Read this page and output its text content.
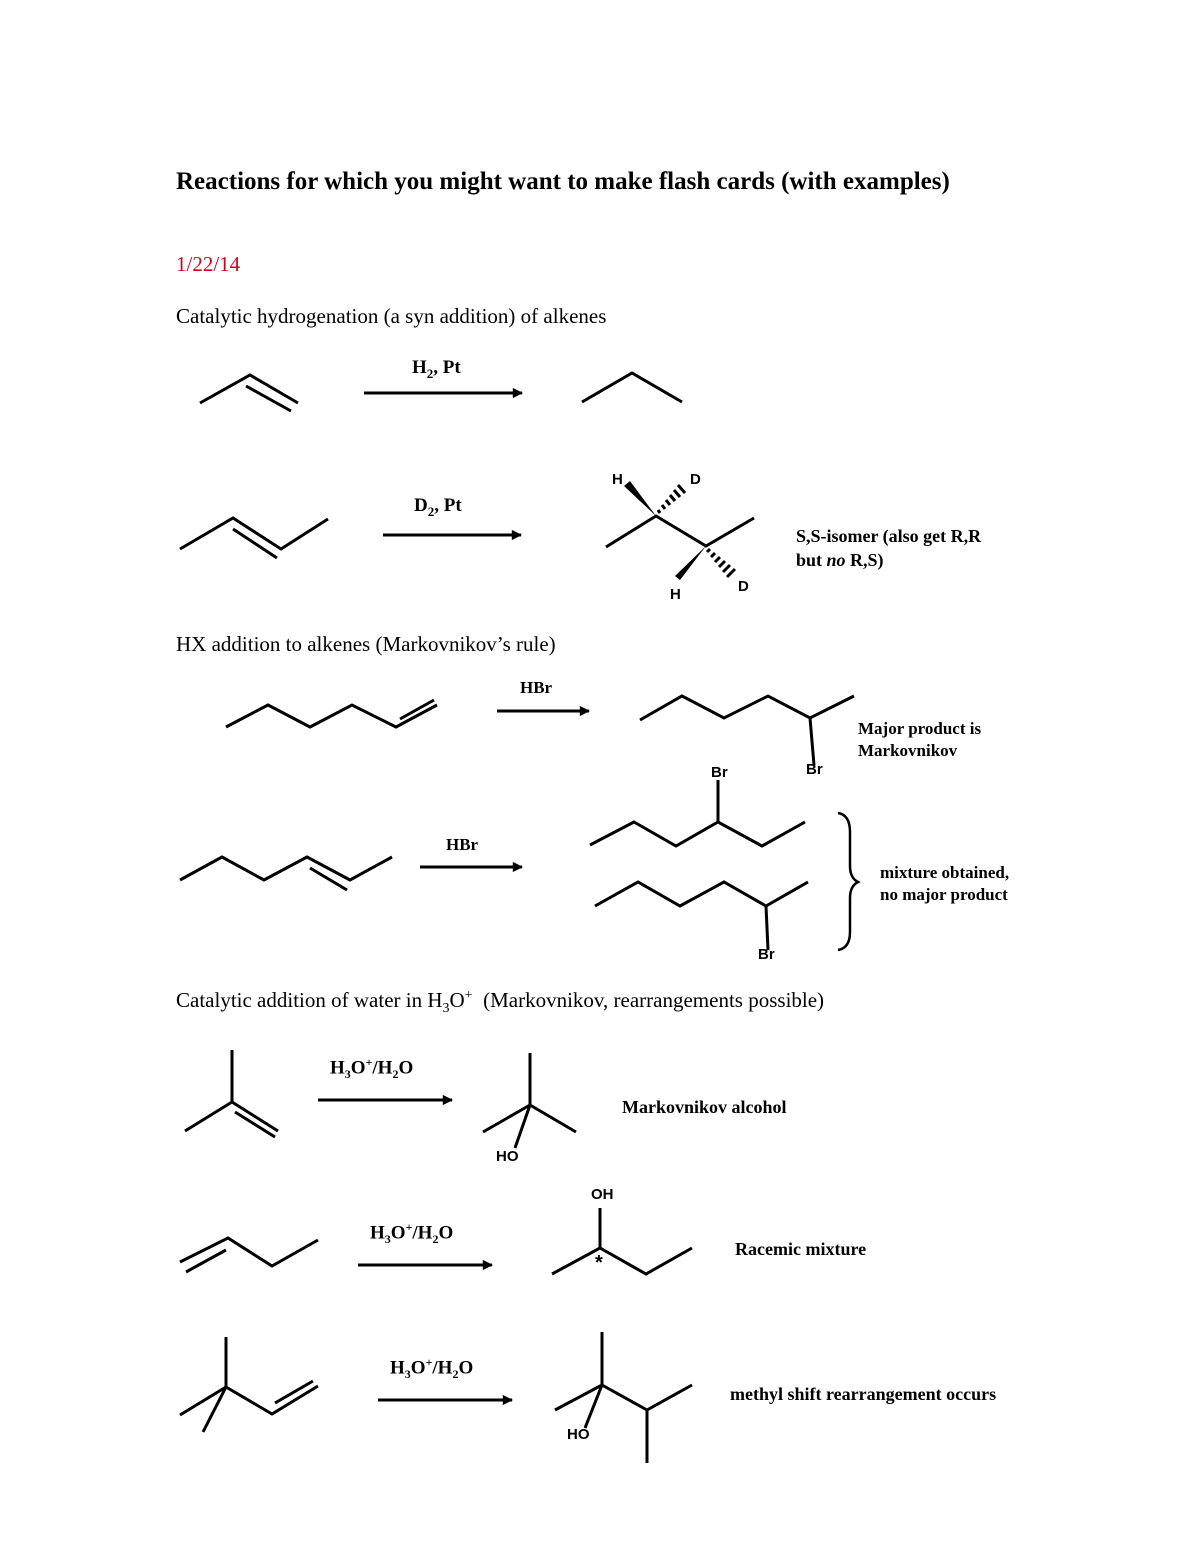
Reactions for which you might want to make flash cards (with examples)
1/22/14
Catalytic hydrogenation (a syn addition) of alkenes
HX addition to alkenes (Markovnikov’s rule)
Catalytic addition of water in $H_3O^+$  (Markovnikov, rearrangements possible)
$H_2$, Pt
$D_2$, Pt
HBr
HBr
$H_3O^+/H_2O$
$H_3O^+/H_2O$
$H_3O^+/H_2O$
H	D
H	D
Br
Br
Br
HO
OH
*
HO
S,S-isomer (also get R,R
but no R,S)
Major product is
Markovnikov
mixture obtained,
no major product
Markovnikov alcohol
Racemic mixture
methyl shift rearrangement occurs
